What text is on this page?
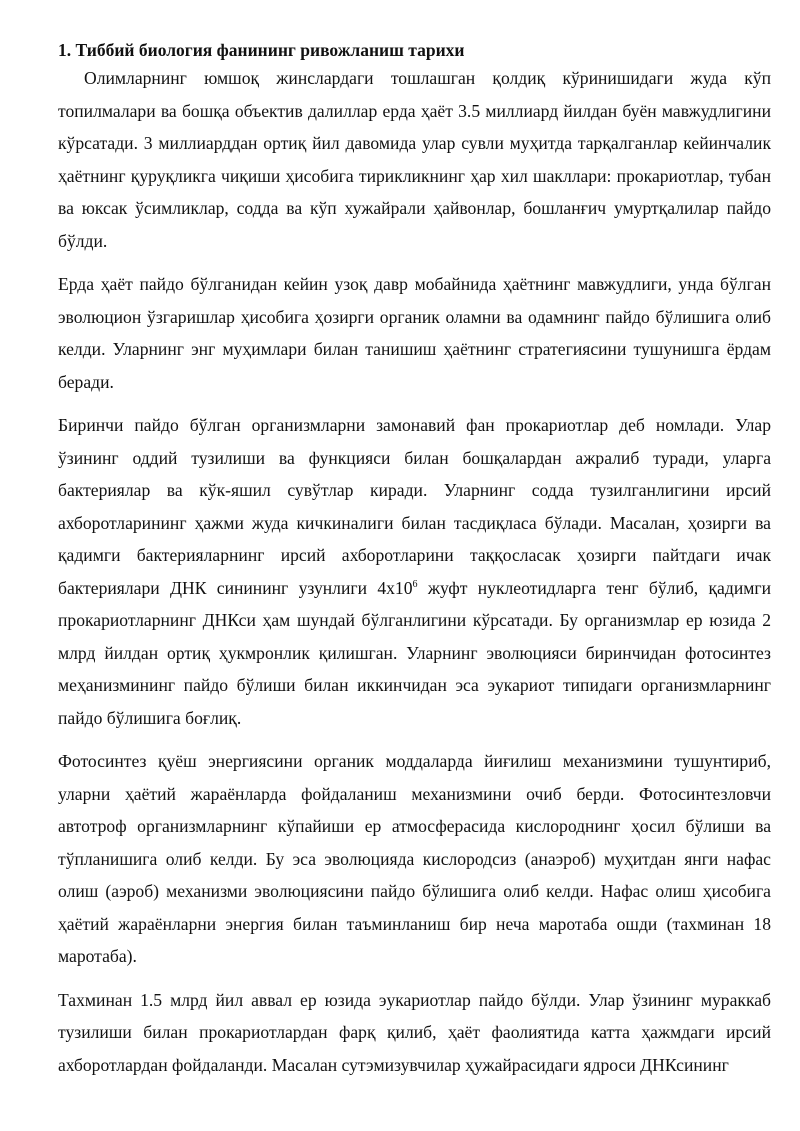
1. Тиббий биология фанининг ривожланиш тарихи

Олимларнинг юмшоқ жинслардаги тошлашган қолдиқ кўринишидаги жуда кўп топилмалари ва бошқа объектив далиллар ерда ҳаёт 3.5 миллиард йилдан буён мавжудлигини кўрсатади. 3 миллиарддан ортиқ йил давомида улар сувли муҳитда тарқалганлар кейинчалик ҳаётнинг қуруқликга чиқиши ҳисобига тирикликнинг ҳар хил шакллари: прокариотлар, тубан ва юксак ўсимликлар, содда ва кўп хужайрали ҳайвонлар, бошланғич умуртқалилар пайдо бўлди.

Ерда ҳаёт пайдо бўлганидан кейин узоқ давр мобайнида ҳаётнинг мавжудлиги, унда бўлган эволюцион ўзгаришлар ҳисобига ҳозирги органик оламни ва одамнинг пайдо бўлишига олиб келди. Уларнинг энг муҳимлари билан танишиш ҳаётнинг стратегиясини тушунишга ёрдам беради.

Биринчи пайдо бўлган организмларни замонавий фан прокариотлар деб номлади. Улар ўзининг оддий тузилиши ва функцияси билан бошқалардан ажралиб туради, уларга бактериялар ва кўк-яшил сувўтлар киради. Уларнинг содда тузилганлигини ирсий ахборотларининг ҳажми жуда кичкиналиги билан тасдиқласа бўлади. Масалан, ҳозирги ва қадимги бактерияларнинг ирсий ахборотларини таққосласак ҳозирги пайтдаги ичак бактериялари ДНК синининг узунлиги $4х10^6$ жуфт нуклеотидларга тенг бўлиб, қадимги прокариотларнинг ДНКси ҳам шундай бўлганлигини кўрсатади. Бу организмлар ер юзида 2 млрд йилдан ортиқ ҳукмронлик қилишган. Уларнинг эволюцияси биринчидан фотосинтез меҳанизмининг пайдо бўлиши билан иккинчидан эса эукариот типидаги организмларнинг пайдо бўлишига боғлиқ.

Фотосинтез қуёш энергиясини органик моддаларда йиғилиш механизмини тушунтириб, уларни ҳаётий жараёнларда фойдаланиш механизмини очиб берди. Фотосинтезловчи автотроф организмларнинг кўпайиши ер атмосферасида кислороднинг ҳосил бўлиши ва тўпланишига олиб келди. Бу эса эволюцияда кислородсиз (анаэроб) муҳитдан янги нафас олиш (аэроб) механизми эволюциясини пайдо бўлишига олиб келди. Нафас олиш ҳисобига ҳаётий жараёнларни энергия билан таъминланиш бир неча маротаба ошди (тахминан 18 маротаба).

Тахминан 1.5 млрд йил аввал ер юзида эукариотлар пайдо бўлди. Улар ўзининг мураккаб тузилиши билан прокариотлардан фарқ қилиб, ҳаёт фаолиятида катта ҳажмдаги ирсий ахборотлардан фойдаланди. Масалан сутэмизувчилар ҳужайрасидаги ядроси ДНКсининг
